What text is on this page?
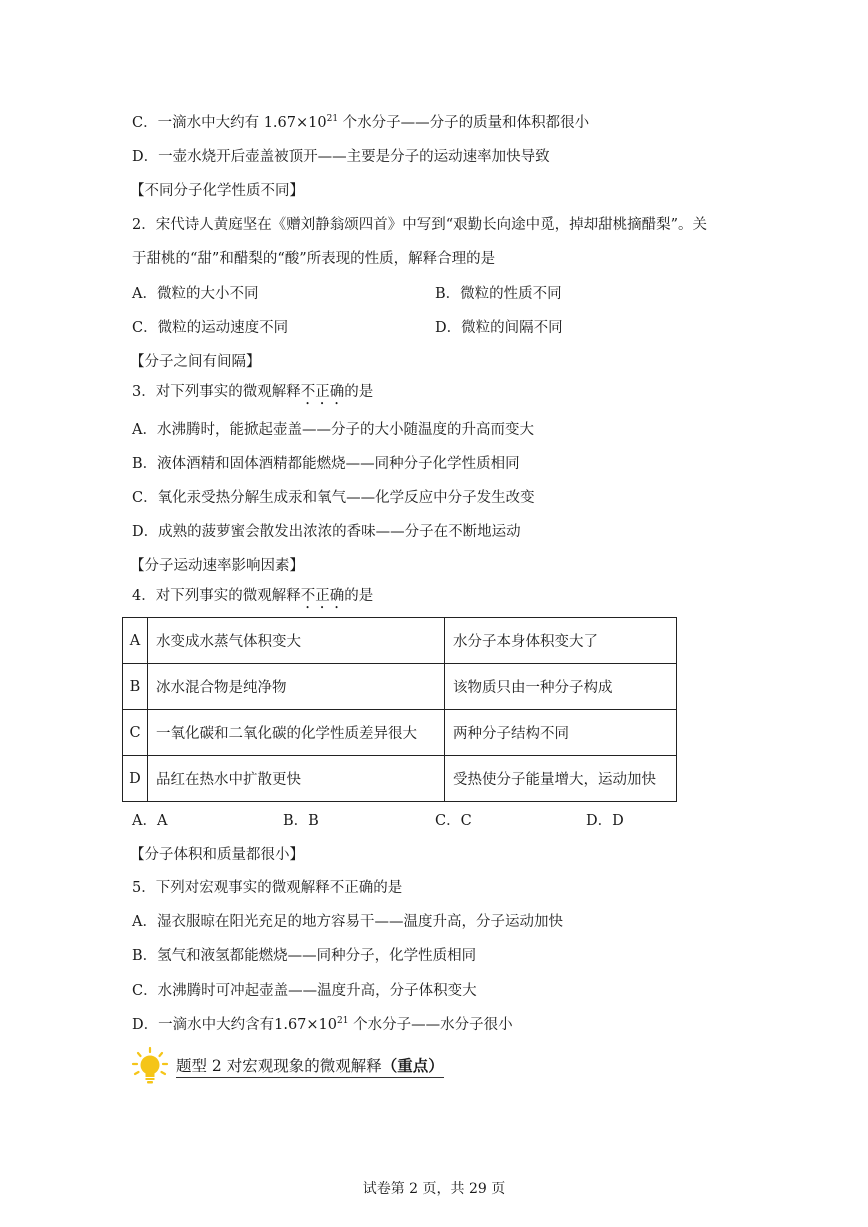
C．一滴水中大约有 $1.67\times 10^{21}$ 个水分子——分子的质量和体积都很小
D．一壶水烧开后壶盖被顶开——主要是分子的运动速率加快导致
【不同分子化学性质不同】
2．宋代诗人黄庭坚在《赠刘静翁颂四首》中写到“艰勤长向途中觅，掉却甜桃摘醋梨”。关
于甜桃的“甜”和醋梨的“酸”所表现的性质，解释合理的是
A．微粒的大小不同	B．微粒的性质不同
C．微粒的运动速度不同	D．微粒的间隔不同
【分子之间有间隔】
3．对下列事实的微观解释不正确的是
A．水沸腾时，能掀起壶盖——分子的大小随温度的升高而变大
B．液体酒精和固体酒精都能燃烧——同种分子化学性质相同
C．氧化汞受热分解生成汞和氧气——化学反应中分子发生改变
D．成熟的菠萝蜜会散发出浓浓的香味——分子在不断地运动
【分子运动速率影响因素】
4．对下列事实的微观解释不正确的是
A	水变成水蒸气体积变大	水分子本身体积变大了
B	冰水混合物是纯净物	该物质只由一种分子构成
C	一氧化碳和二氧化碳的化学性质差异很大	两种分子结构不同
D	品红在热水中扩散更快	受热使分子能量增大，运动加快
A．A	B．B	C．C	D．D
【分子体积和质量都很小】
5．下列对宏观事实的微观解释不正确的是
A．湿衣服晾在阳光充足的地方容易干——温度升高，分子运动加快
B．氢气和液氢都能燃烧——同种分子，化学性质相同
C．水沸腾时可冲起壶盖——温度升高，分子体积变大
D．一滴水中大约含有$1.67\times 10^{21}$ 个水分子——水分子很小
题型 2 对宏观现象的微观解释（重点）
试卷第 2 页，共 29 页
